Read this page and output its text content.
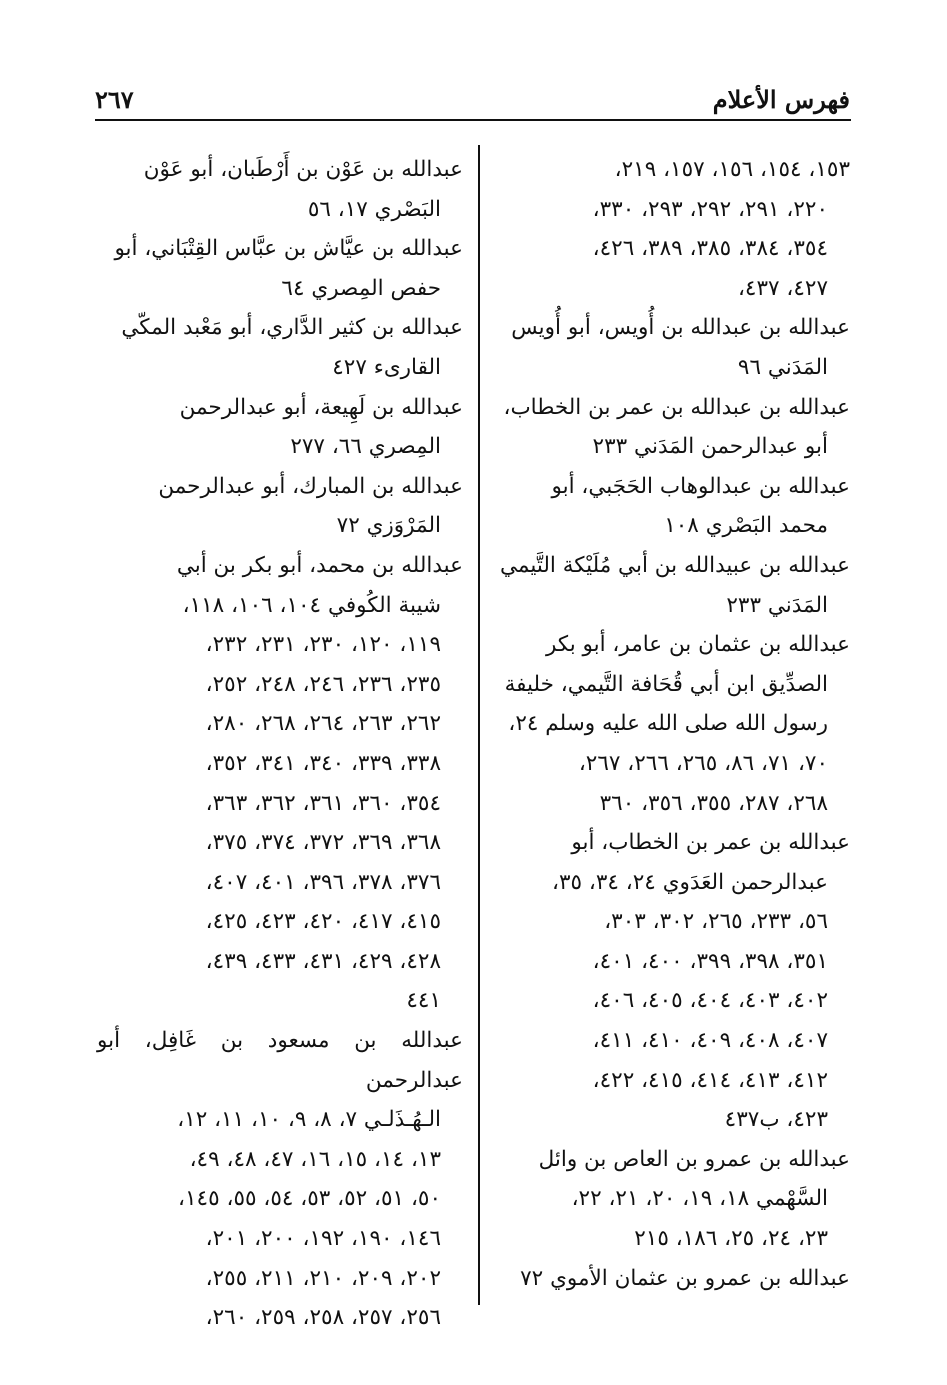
فهرس الأعلام
٢٦٧
١٥٣، ١٥٤، ١٥٦، ١٥٧، ٢١٩،
٢٢٠، ٢٩١، ٢٩٢، ٢٩٣، ٣٣٠،
٣٥٤، ٣٨٤، ٣٨٥، ٣٨٩، ٤٢٦،
٤٢٧، ٤٣٧،
عبدالله بن عبدالله بن أُويس، أبو أُويس
المَدَني ٩٦
عبدالله بن عبدالله بن عمر بن الخطاب،
أبو عبدالرحمن المَدَني ٢٣٣
عبدالله بن عبدالوهاب الحَجَبي، أبو
محمد البَصْري ١٠٨
عبدالله بن عبيدالله بن أبي مُلَيْكة التَّيمي
المَدَني ٢٣٣
عبدالله بن عثمان بن عامر، أبو بكر
الصدِّيق ابن أبي قُحَافة التَّيمي، خليفة
رسول الله صلى الله عليه وسلم ٢٤،
٧٠، ٧١، ٨٦، ٢٦٥، ٢٦٦، ٢٦٧،
٢٦٨، ٢٨٧، ٣٥٥، ٣٥٦، ٣٦٠
عبدالله بن عمر بن الخطاب، أبو
عبدالرحمن العَدَوي ٢٤، ٣٤، ٣٥،
٥٦، ٢٣٣، ٢٦٥، ٣٠٢، ٣٠٣،
٣٥١، ٣٩٨، ٣٩٩، ٤٠٠، ٤٠١،
٤٠٢، ٤٠٣، ٤٠٤، ٤٠٥، ٤٠٦،
٤٠٧، ٤٠٨، ٤٠٩، ٤١٠، ٤١١،
٤١٢، ٤١٣، ٤١٤، ٤١٥، ٤٢٢،
٤٢٣، ب٤٣٧
عبدالله بن عمرو بن العاص بن وائل
السَّهْمي ١٨، ١٩، ٢٠، ٢١، ٢٢،
٢٣، ٢٤، ٢٥، ١٨٦، ٢١٥
عبدالله بن عمرو بن عثمان الأموي ٧٢
عبدالله بن عَوْن بن أَرْطَبان، أبو عَوْن
البَصْري ١٧، ٥٦
عبدالله بن عيَّاش بن عبَّاس القِتْبَاني، أبو
حفص المِصري ٦٤
عبدالله بن كثير الدَّاري، أبو مَعْبد المكّي
القارىء ٤٢٧
عبدالله بن لَهِيعة، أبو عبدالرحمن
المِصري ٦٦، ٢٧٧
عبدالله بن المبارك، أبو عبدالرحمن
المَرْوَزي ٧٢
عبدالله بن محمد، أبو بكر بن أبي
شيبة الكُوفي ١٠٤، ١٠٦، ١١٨،
١١٩، ١٢٠، ٢٣٠، ٢٣١، ٢٣٢،
٢٣٥، ٢٣٦، ٢٤٦، ٢٤٨، ٢٥٢،
٢٦٢، ٢٦٣، ٢٦٤، ٢٦٨، ٢٨٠،
٣٣٨، ٣٣٩، ٣٤٠، ٣٤١، ٣٥٢،
٣٥٤، ٣٦٠، ٣٦١، ٣٦٢، ٣٦٣،
٣٦٨، ٣٦٩، ٣٧٢، ٣٧٤، ٣٧٥،
٣٧٦، ٣٧٨، ٣٩٦، ٤٠١، ٤٠٧،
٤١٥، ٤١٧، ٤٢٠، ٤٢٣، ٤٢٥،
٤٢٨، ٤٢٩، ٤٣١، ٤٣٣، ٤٣٩،
٤٤١
عبدالله بن مسعود بن غَافِل، أبو عبدالرحمن
الـهُـذَلـي ٧، ٨، ٩، ١٠، ١١، ١٢،
١٣، ١٤، ١٥، ١٦، ٤٧، ٤٨، ٤٩،
٥٠، ٥١، ٥٢، ٥٣، ٥٤، ٥٥، ١٤٥،
١٤٦، ١٩٠، ١٩٢، ٢٠٠، ٢٠١،
٢٠٢، ٢٠٩، ٢١٠، ٢١١، ٢٥٥،
٢٥٦، ٢٥٧، ٢٥٨، ٢٥٩، ٢٦٠،
